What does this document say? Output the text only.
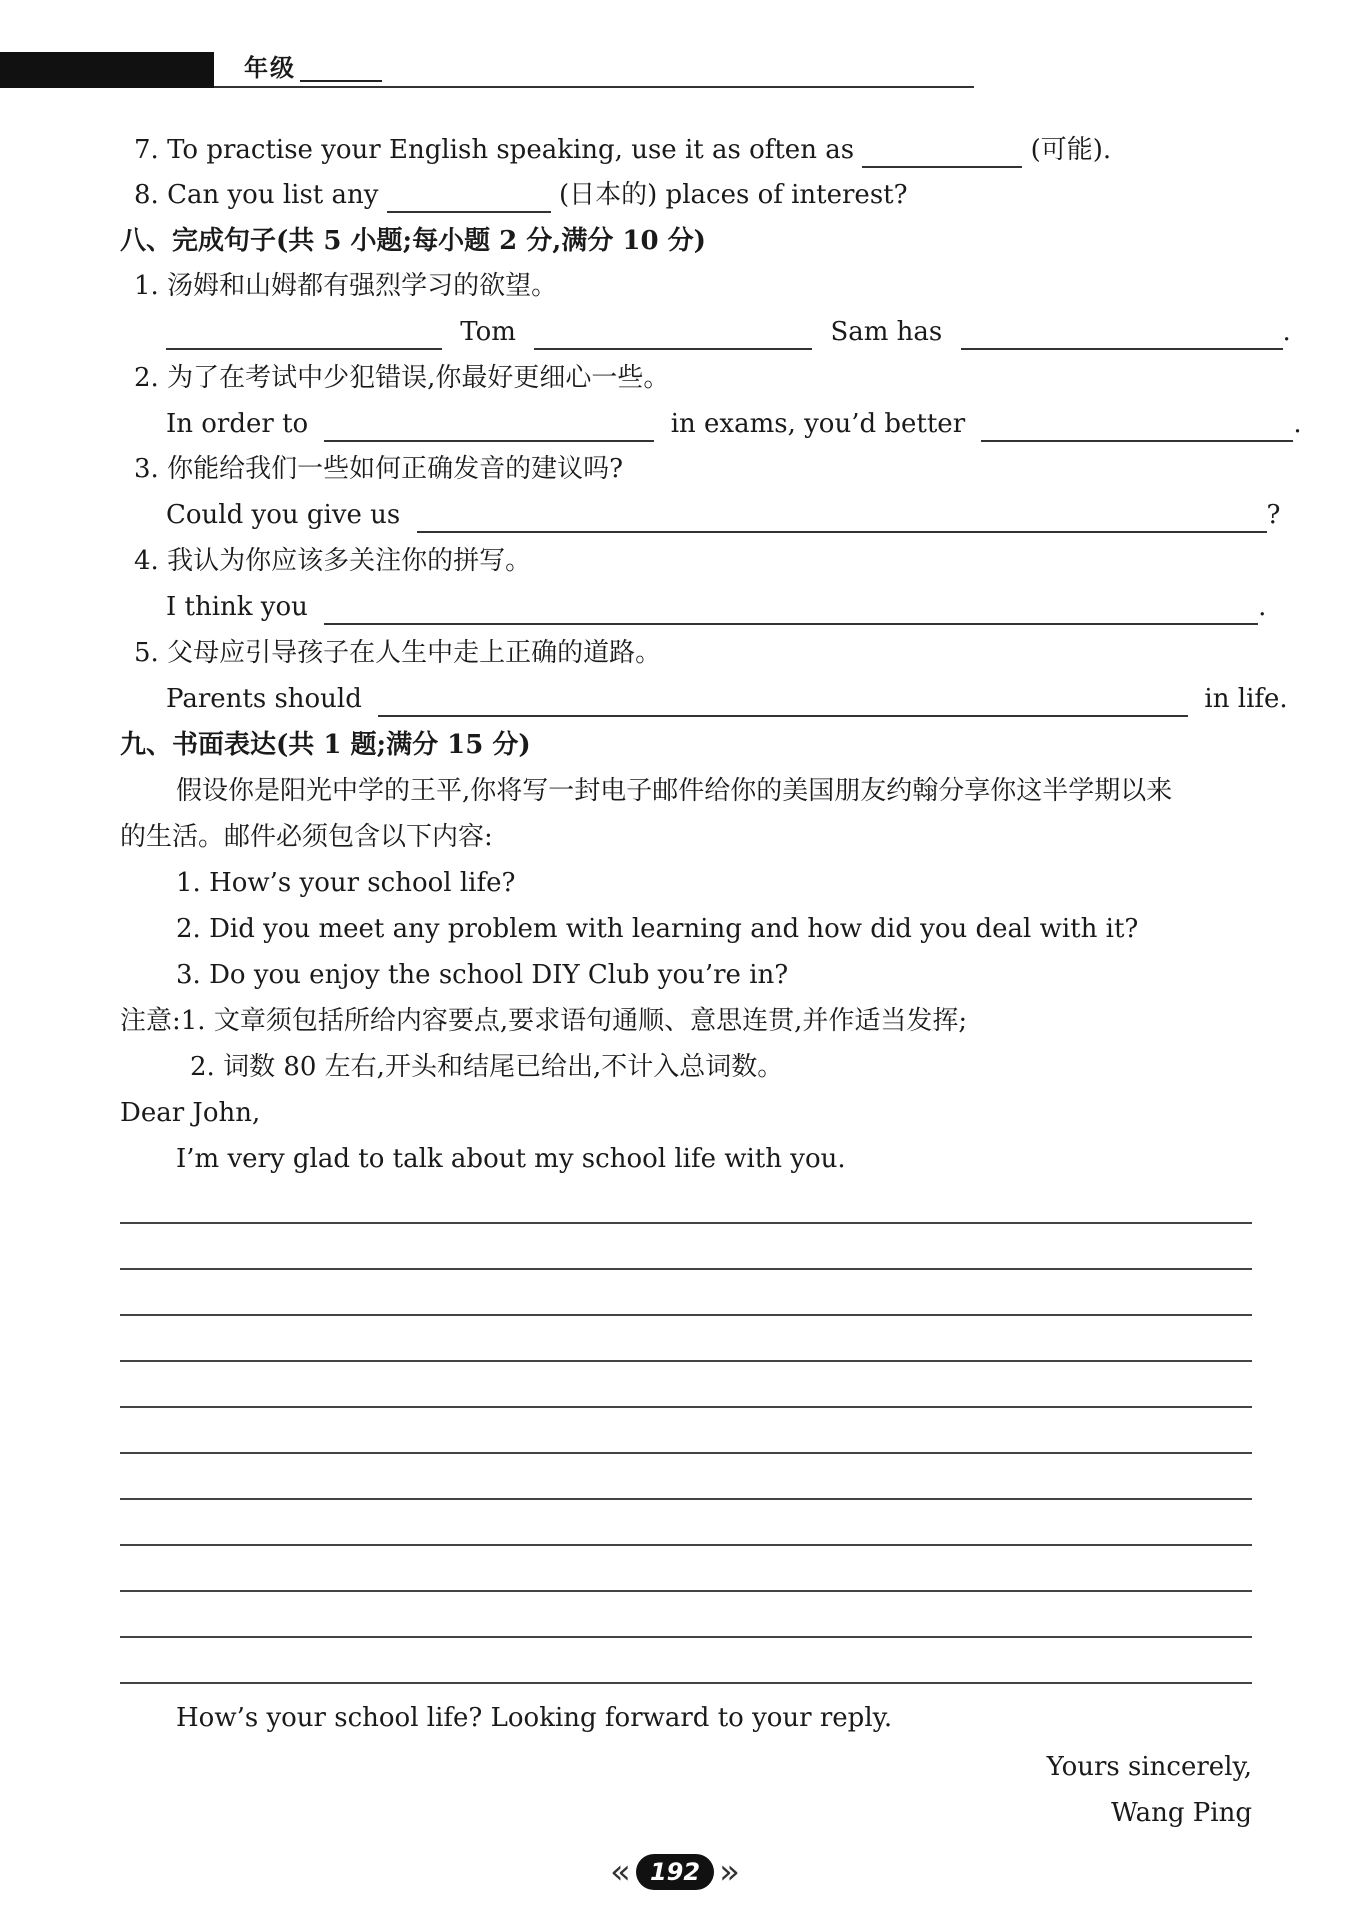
年级
7. To practise your English speaking, use it as often as	(可能).
8. Can you list any	(日本的) places of interest?
八、完成句子(共 5 小题;每小题 2 分,满分 10 分)
1. 汤姆和山姆都有强烈学习的欲望。
Tom	Sam has	.
2. 为了在考试中少犯错误,你最好更细心一些。
In order to	in exams, you’d better	.
3. 你能给我们一些如何正确发音的建议吗?
Could you give us	?
4. 我认为你应该多关注你的拼写。
I think you	.
5. 父母应引导孩子在人生中走上正确的道路。
Parents should	in life.
九、书面表达(共 1 题;满分 15 分)
假设你是阳光中学的王平,你将写一封电子邮件给你的美国朋友约翰分享你这半学期以来
的生活。邮件必须包含以下内容:
1. How’s your school life?
2. Did you meet any problem with learning and how did you deal with it?
3. Do you enjoy the school DIY Club you’re in?
注意:1. 文章须包括所给内容要点,要求语句通顺、意思连贯,并作适当发挥;
2. 词数 80 左右,开头和结尾已给出,不计入总词数。
Dear John,
I’m very glad to talk about my school life with you.
How’s your school life? Looking forward to your reply.
Yours sincerely,
Wang Ping
« 192 »
